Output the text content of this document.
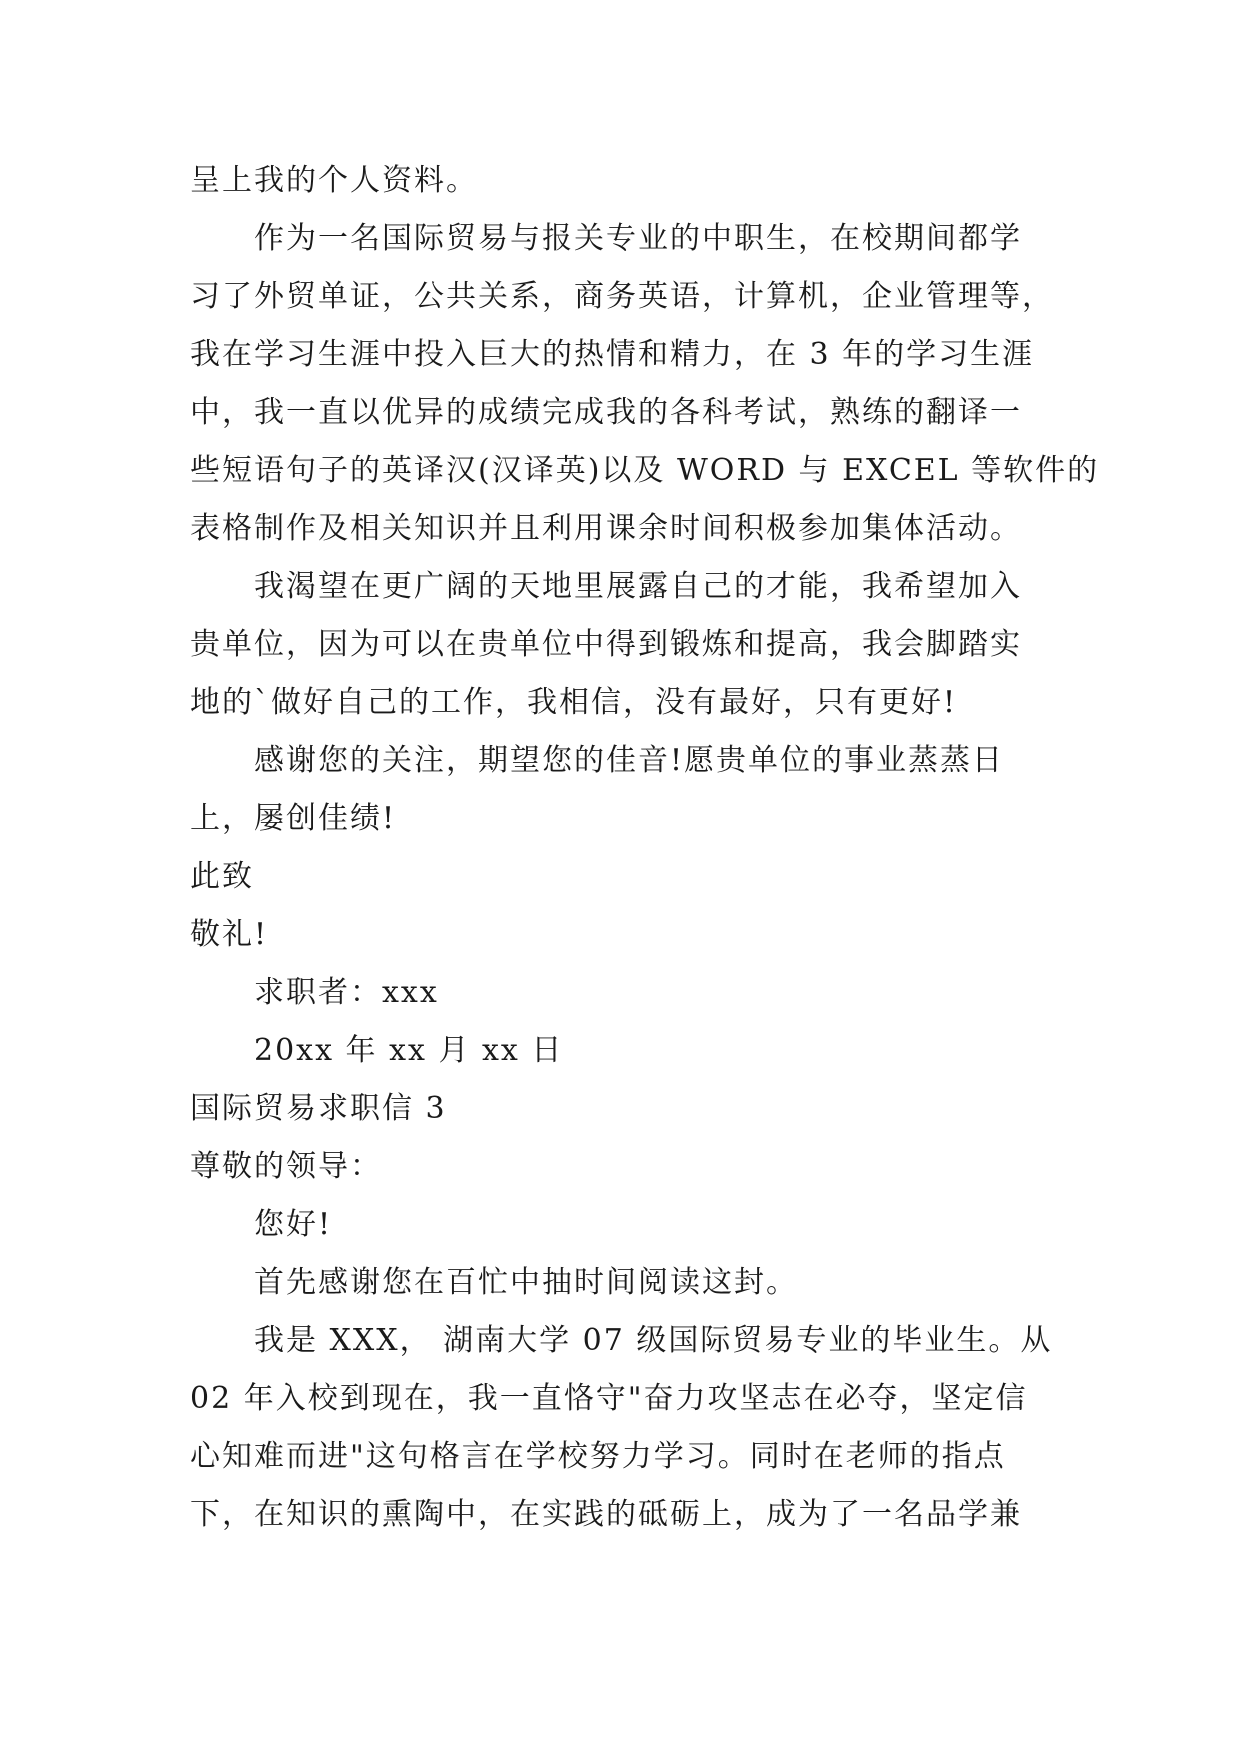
呈上我的个人资料。
作为一名国际贸易与报关专业的中职生，在校期间都学
习了外贸单证，公共关系，商务英语，计算机，企业管理等，
我在学习生涯中投入巨大的热情和精力，在 3 年的学习生涯
中，我一直以优异的成绩完成我的各科考试，熟练的翻译一
些短语句子的英译汉(汉译英)以及 WORD 与 EXCEL 等软件的
表格制作及相关知识并且利用课余时间积极参加集体活动。
我渴望在更广阔的天地里展露自己的才能，我希望加入
贵单位，因为可以在贵单位中得到锻炼和提高，我会脚踏实
地的`做好自己的工作，我相信，没有最好，只有更好!
感谢您的关注，期望您的佳音!愿贵单位的事业蒸蒸日
上，屡创佳绩!
此致
敬礼!
求职者：xxx
20xx 年 xx 月 xx 日
国际贸易求职信 3
尊敬的领导：
您好!
首先感谢您在百忙中抽时间阅读这封。
我是 XXX， 湖南大学 07 级国际贸易专业的毕业生。从
02 年入校到现在，我一直恪守"奋力攻坚志在必夺，坚定信
心知难而进"这句格言在学校努力学习。同时在老师的指点
下，在知识的熏陶中，在实践的砥砺上，成为了一名品学兼
